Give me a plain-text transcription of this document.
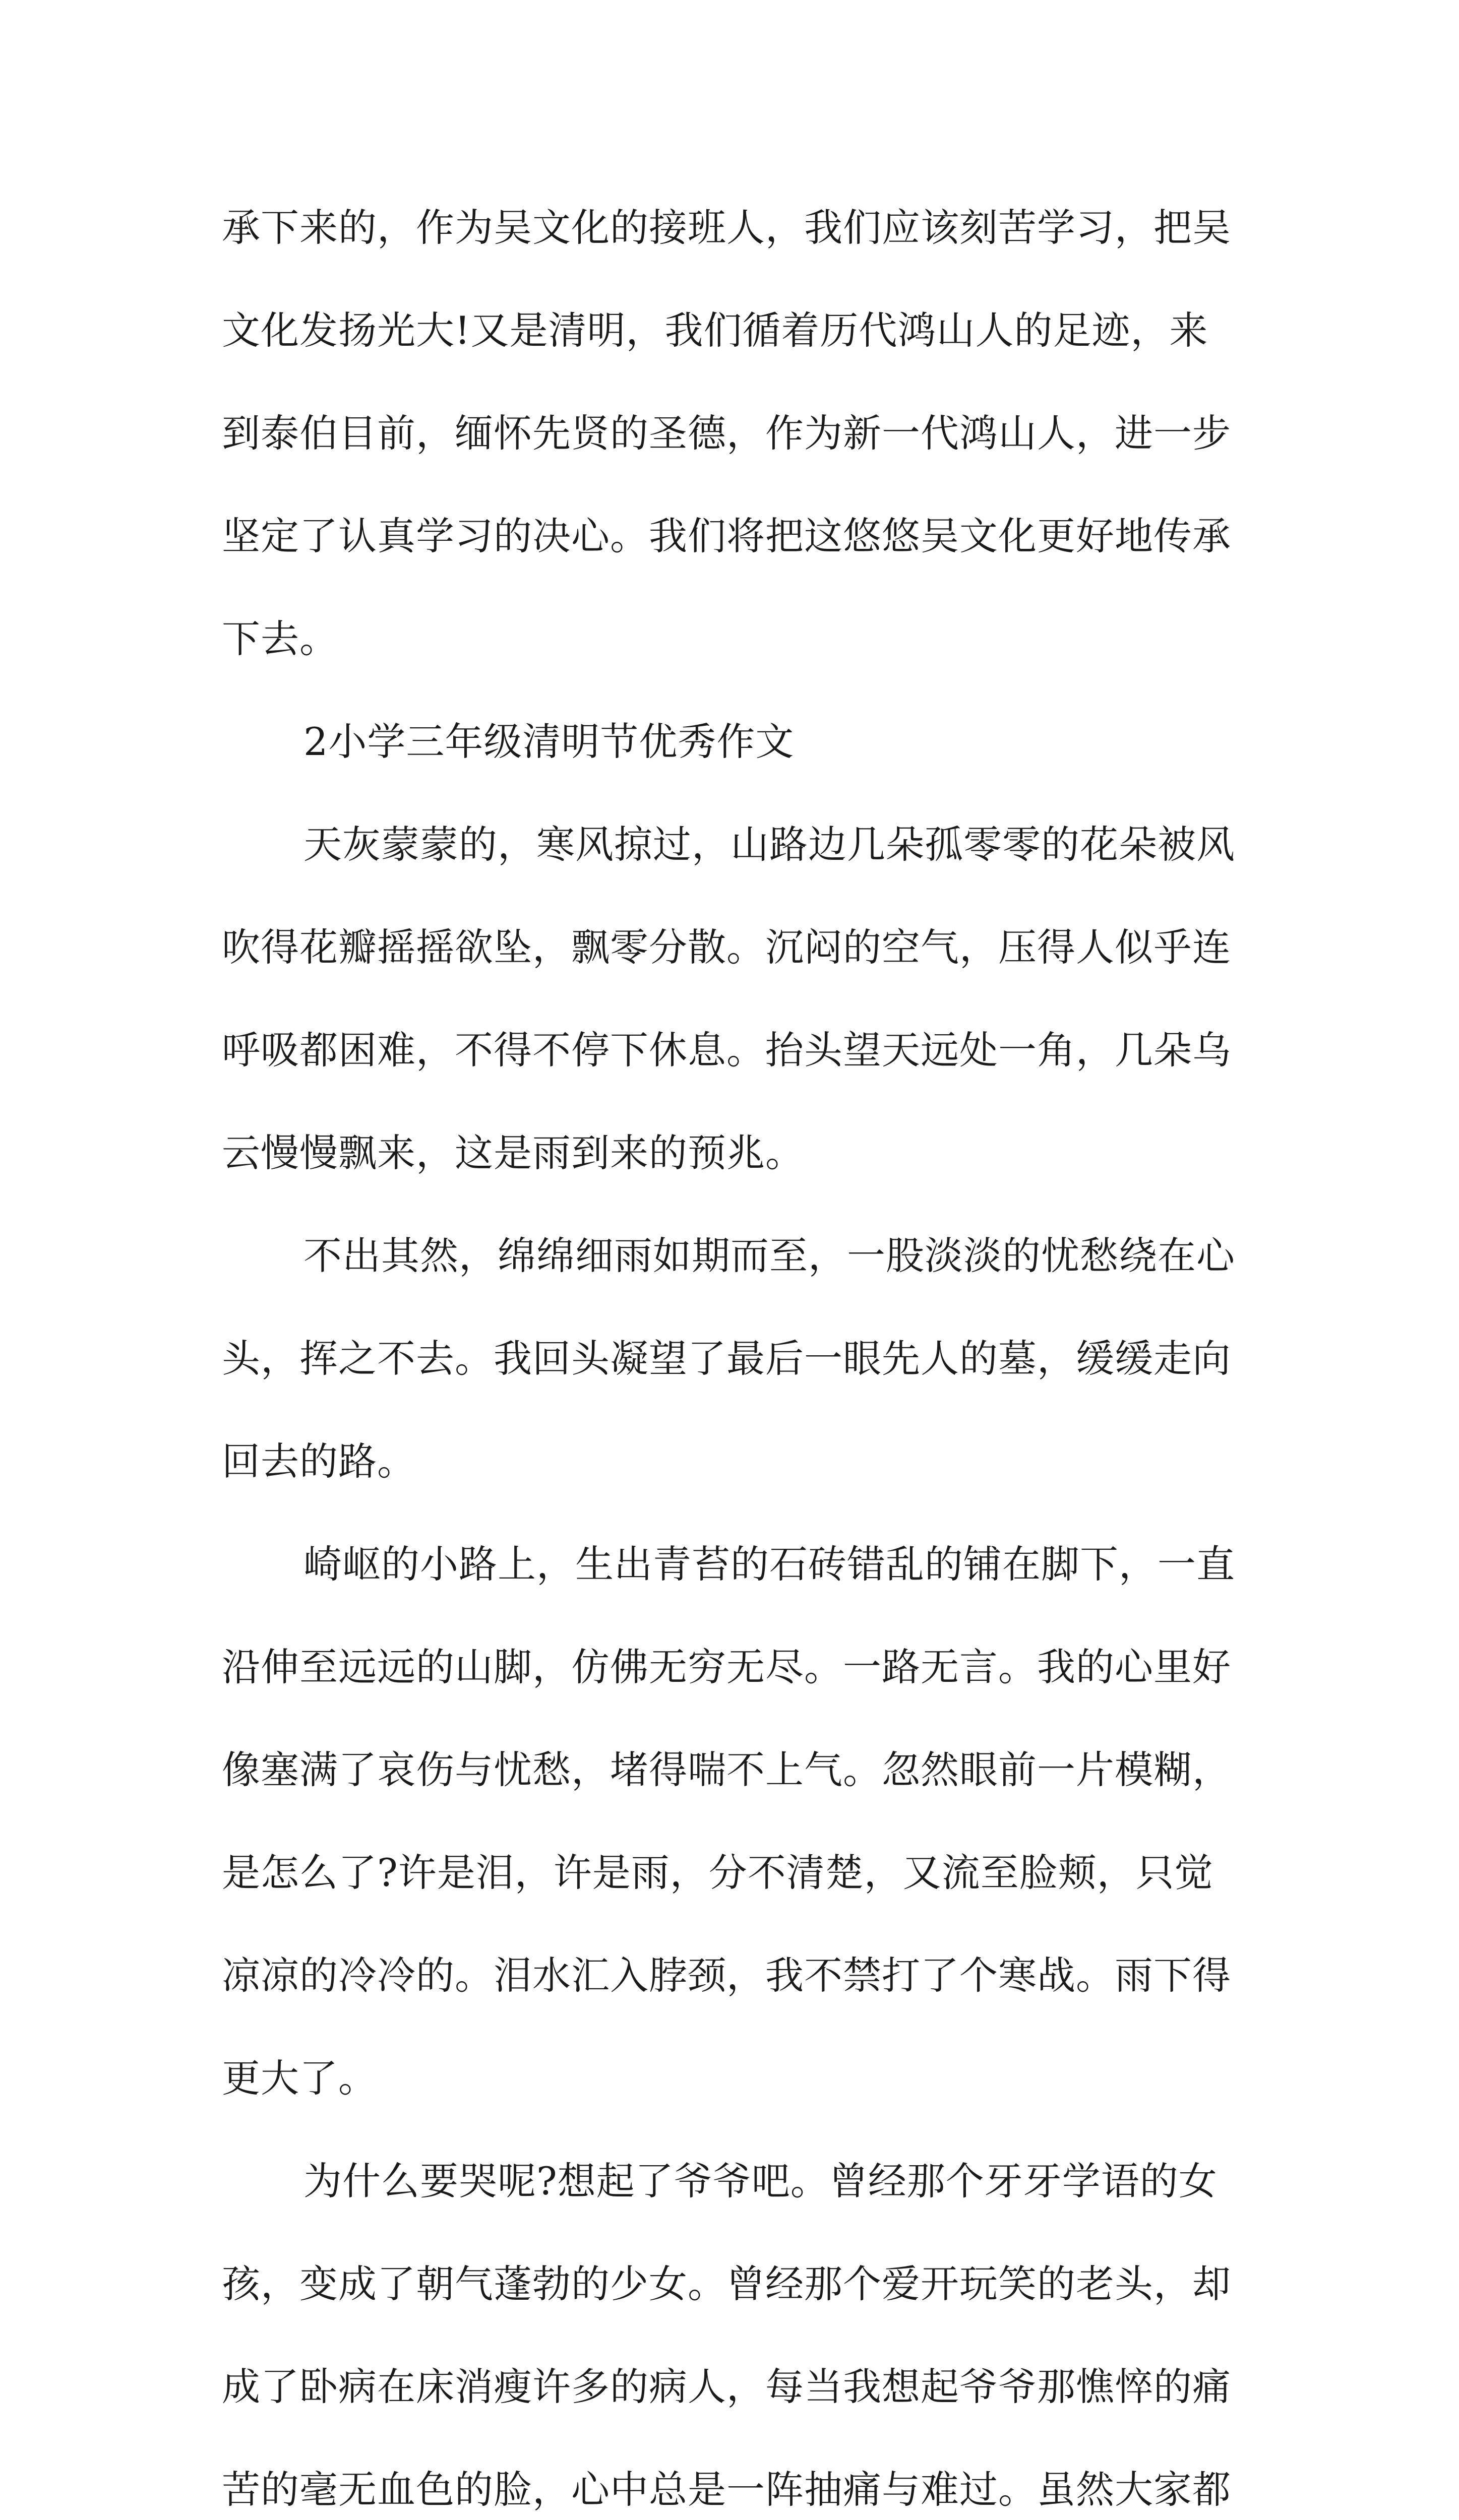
承下来的，作为吴文化的接班人，我们应该刻苦学习，把吴
文化发扬光大!又是清明，我们循着历代鸿山人的足迹，来
到泰伯目前，缅怀先贤的圣德，作为新一代鸿山人，进一步
坚定了认真学习的决心。我们将把这悠悠吴文化更好地传承
下去。
2小学三年级清明节优秀作文
天灰蒙蒙的，寒风掠过，山路边几朵孤零零的花朵被风
吹得花瓣摇摇欲坠，飘零分散。沉闷的空气，压得人似乎连
呼吸都困难，不得不停下休息。抬头望天远处一角，几朵乌
云慢慢飘来，这是雨到来的预兆。
不出其然，绵绵细雨如期而至，一股淡淡的忧愁绕在心
头，挥之不去。我回头凝望了最后一眼先人的墓，缓缓走向
回去的路。
崎岖的小路上，生出青苔的石砖错乱的铺在脚下，一直
沿伸至远远的山脚，仿佛无穷无尽。一路无言。我的心里好
像塞满了哀伤与忧愁，堵得喘不上气。忽然眼前一片模糊，
是怎么了?许是泪，许是雨，分不清楚，又流至脸颊，只觉
凉凉的冷冷的。泪水汇入脖颈，我不禁打了个寒战。雨下得
更大了。
为什么要哭呢?想起了爷爷吧。曾经那个牙牙学语的女
孩，变成了朝气蓬勃的少女。曾经那个爱开玩笑的老头，却
成了卧病在床消瘦许多的病人，每当我想起爷爷那憔悴的痛
苦的毫无血色的脸，心中总是一阵抽痛与难过。虽然大家都
